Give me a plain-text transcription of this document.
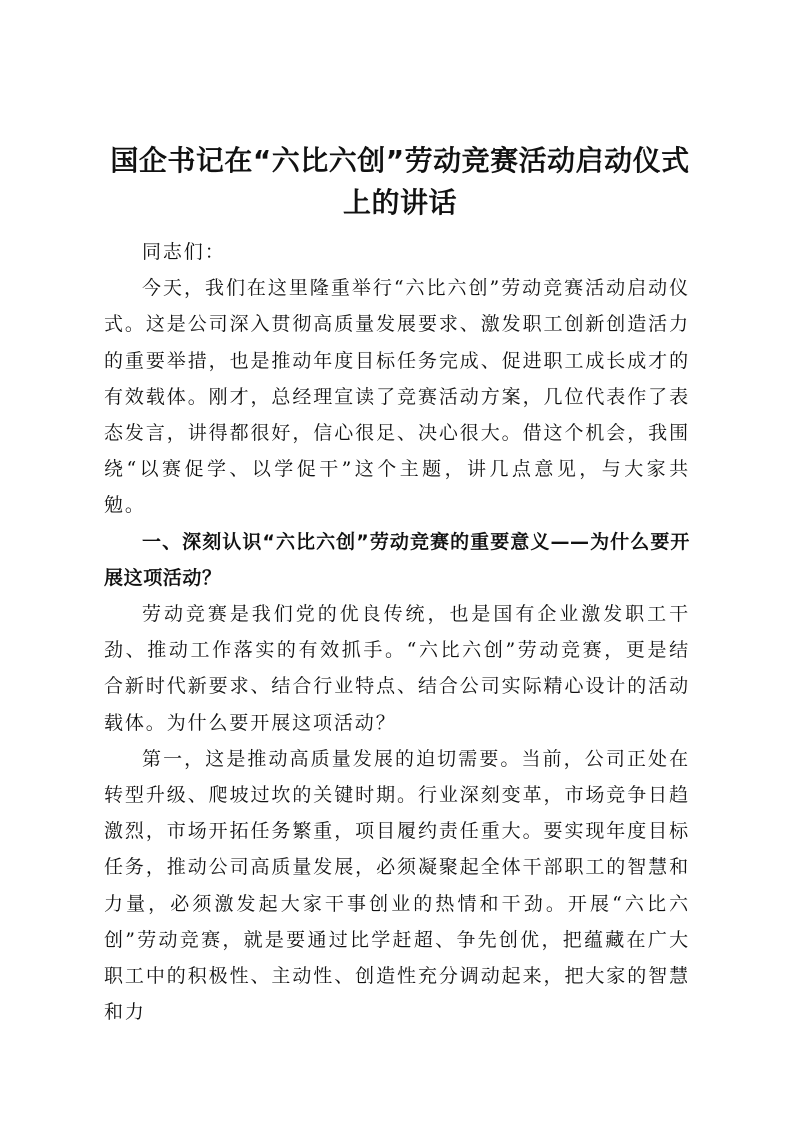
国企书记在“六比六创”劳动竞赛活动启动仪式上的讲话

同志们：

今天，我们在这里隆重举行“六比六创”劳动竞赛活动启动仪式。这是公司深入贯彻高质量发展要求、激发职工创新创造活力的重要举措，也是推动年度目标任务完成、促进职工成长成才的有效载体。刚才，总经理宣读了竞赛活动方案，几位代表作了表态发言，讲得都很好，信心很足、决心很大。借这个机会，我围绕“以赛促学、以学促干”这个主题，讲几点意见，与大家共勉。

一、深刻认识“六比六创”劳动竞赛的重要意义——为什么要开展这项活动？

劳动竞赛是我们党的优良传统，也是国有企业激发职工干劲、推动工作落实的有效抓手。“六比六创”劳动竞赛，更是结合新时代新要求、结合行业特点、结合公司实际精心设计的活动载体。为什么要开展这项活动？

第一，这是推动高质量发展的迫切需要。当前，公司正处在转型升级、爬坡过坎的关键时期。行业深刻变革，市场竞争日趋激烈，市场开拓任务繁重，项目履约责任重大。要实现年度目标任务，推动公司高质量发展，必须凝聚起全体干部职工的智慧和力量，必须激发起大家干事创业的热情和干劲。开展“六比六创”劳动竞赛，就是要通过比学赶超、争先创优，把蕴藏在广大职工中的积极性、主动性、创造性充分调动起来，把大家的智慧和力
